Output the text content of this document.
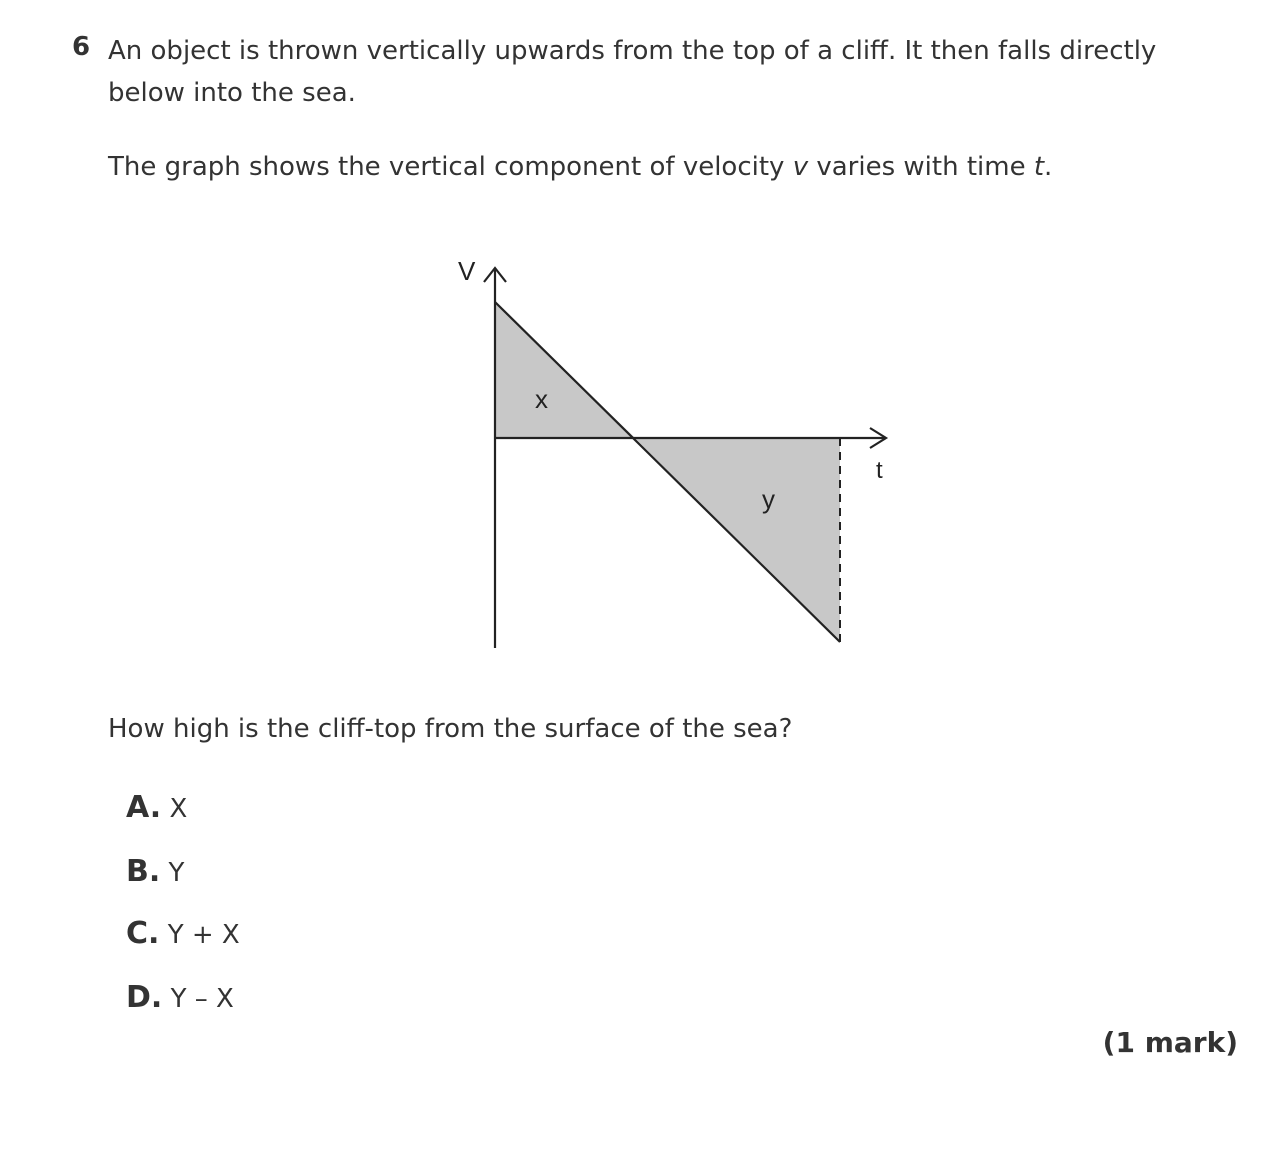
6 An object is thrown vertically upwards from the top of a cliff. It then falls directly below into the sea.
The graph shows the vertical component of velocity v varies with time t.
V
t
x
y
How high is the cliff-top from the surface of the sea?
A. X
B. Y
C. Y + X
D. Y – X
(1 mark)
